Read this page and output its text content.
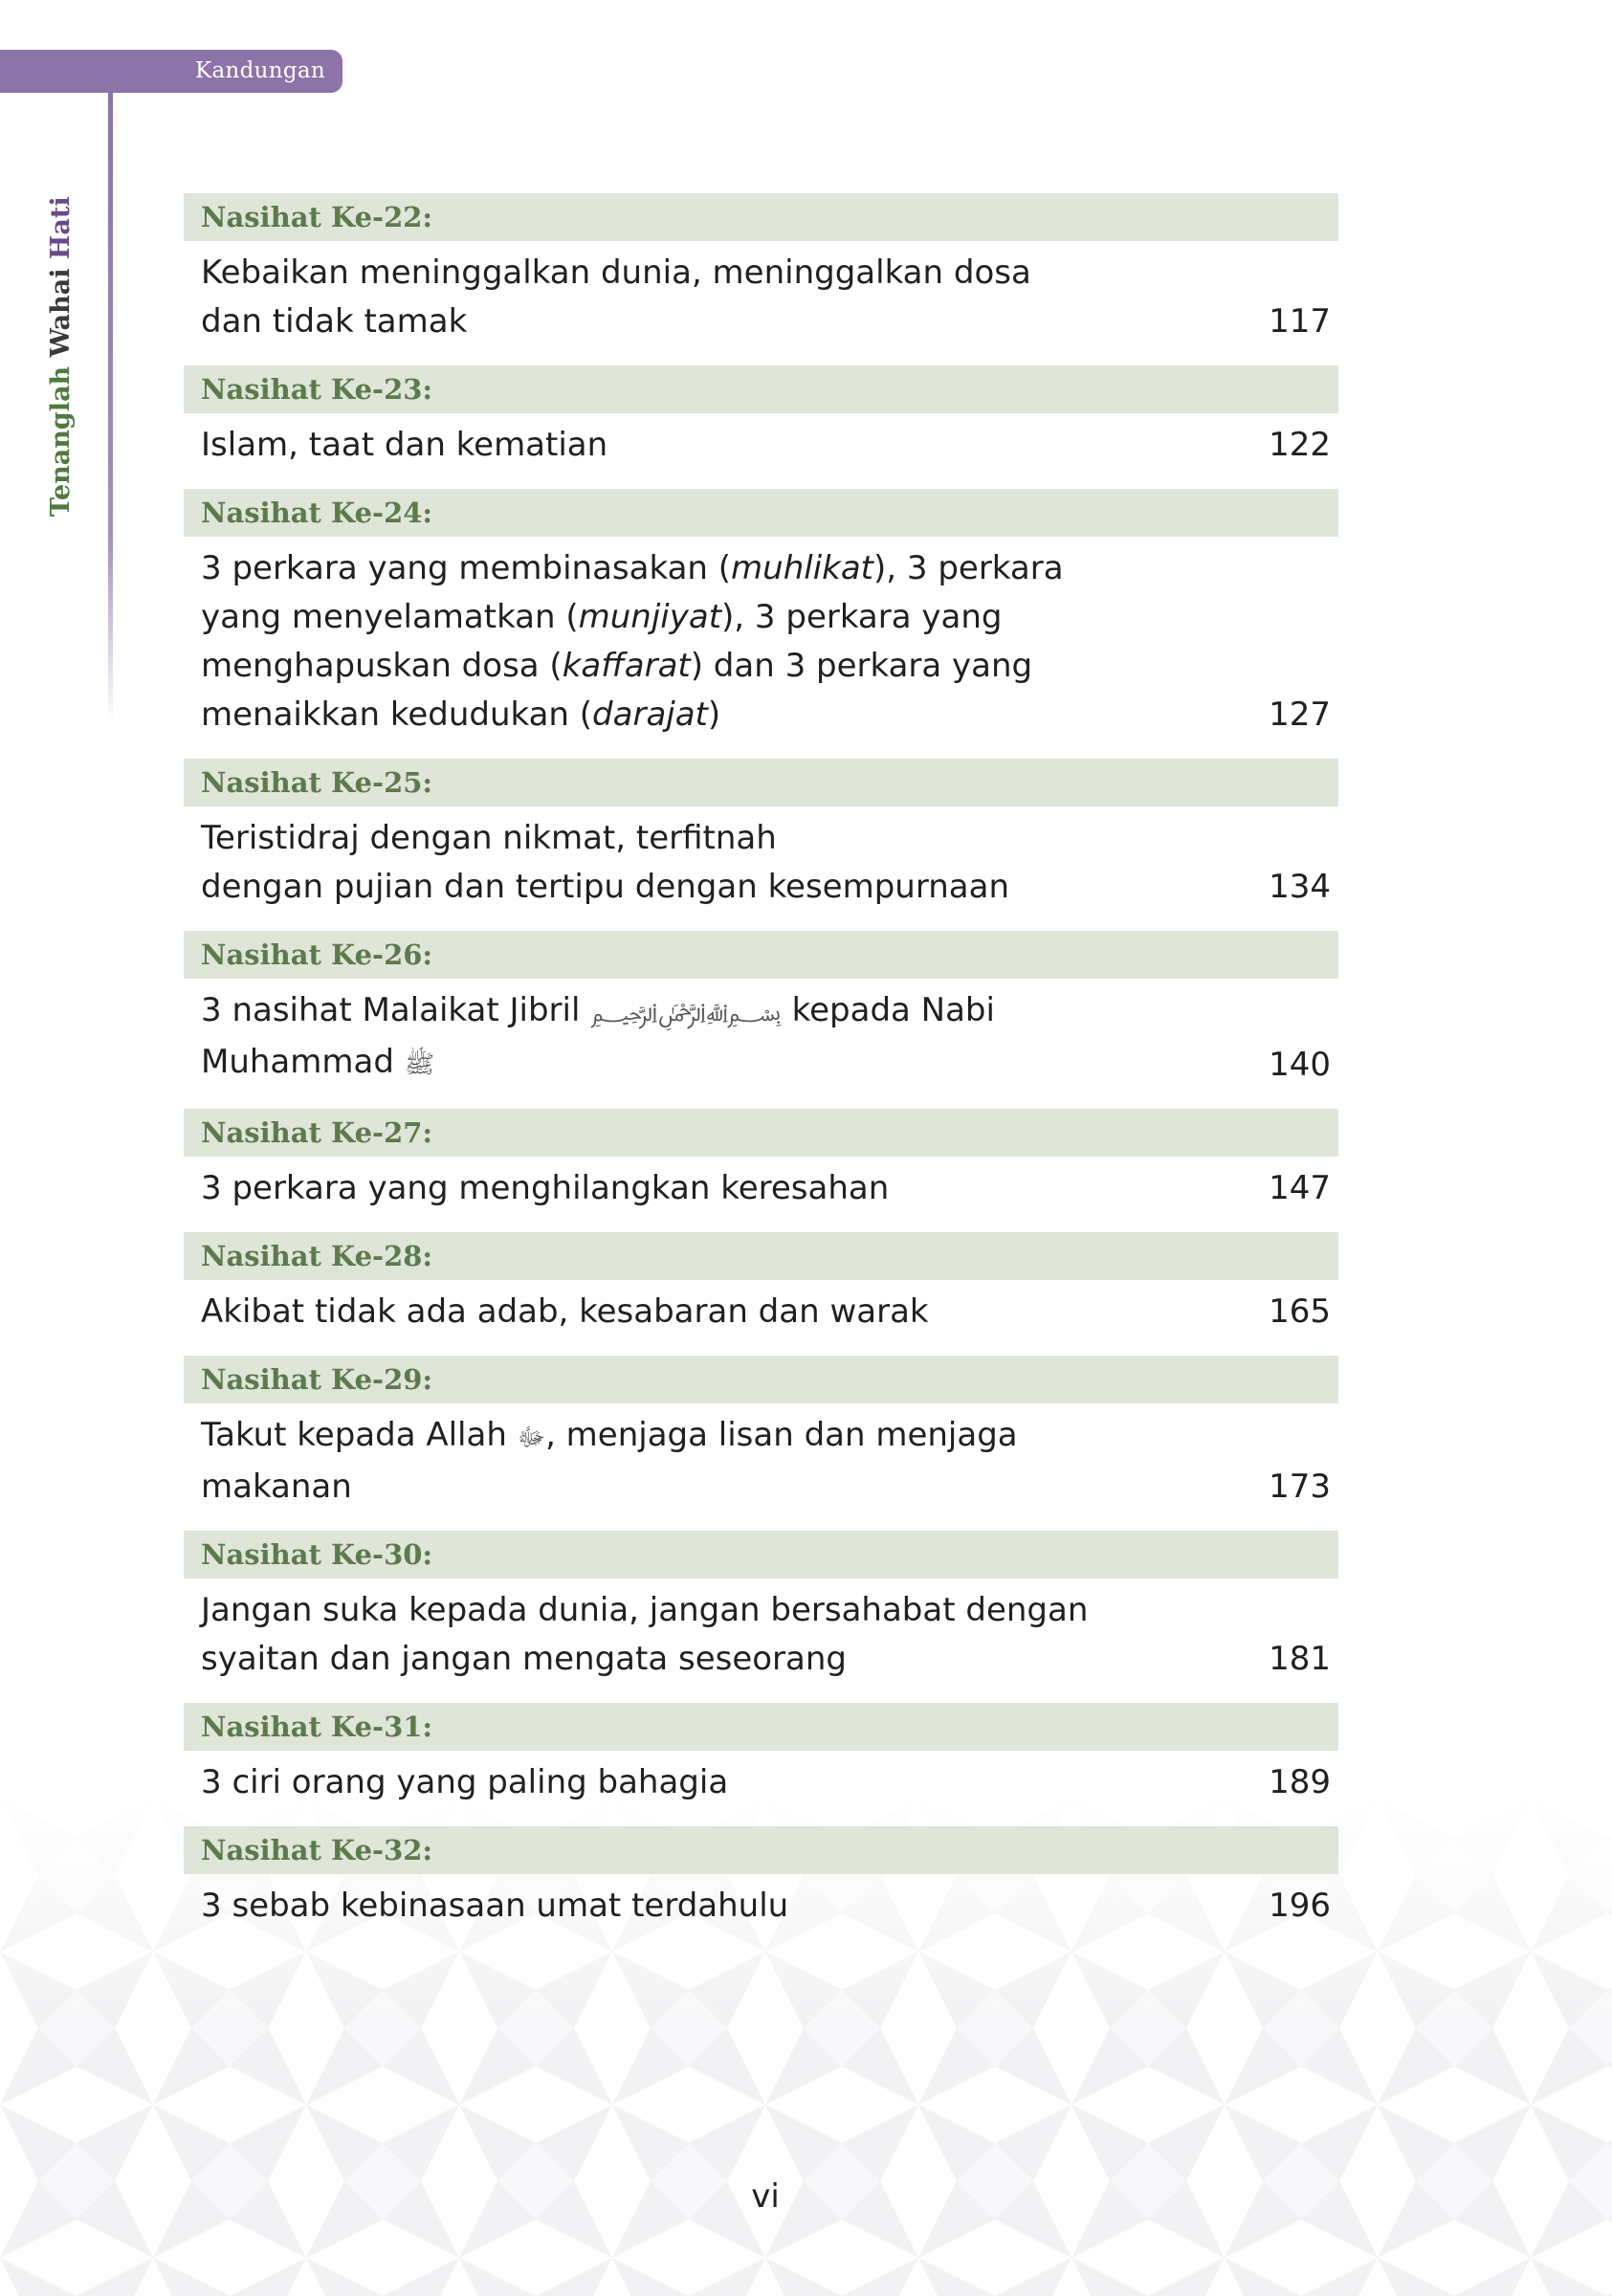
Kandungan
Tenanglah Wahai Hati	Nasihat Ke-22:
Kebaikan meninggalkan dunia, meninggalkan dosa
dan tidak tamak	117
Nasihat Ke-23:
Islam, taat dan kematian	122
Nasihat Ke-24:
3 perkara yang membinasakan (muhlikat), 3 perkara
yang menyelamatkan (munjiyat), 3 perkara yang
menghapuskan dosa (kaffarat) dan 3 perkara yang
menaikkan kedudukan (darajat)	127
Nasihat Ke-25:
Teristidraj dengan nikmat, terfitnah
dengan pujian dan tertipu dengan kesempurnaan	134
Nasihat Ke-26:
3 nasihat Malaikat Jibril ﷽ kepada Nabi Muhammad ﷺ	140
Nasihat Ke-27:
3 perkara yang menghilangkan keresahan	147
Nasihat Ke-28:
Akibat tidak ada adab, kesabaran dan warak	165
Nasihat Ke-29:
Takut kepada Allah ﷻ, menjaga lisan dan menjaga makanan	173
Nasihat Ke-30:
Jangan suka kepada dunia, jangan bersahabat dengan
syaitan dan jangan mengata seseorang	181
Nasihat Ke-31:
3 ciri orang yang paling bahagia	189
Nasihat Ke-32:
3 sebab kebinasaan umat terdahulu	196
vi
